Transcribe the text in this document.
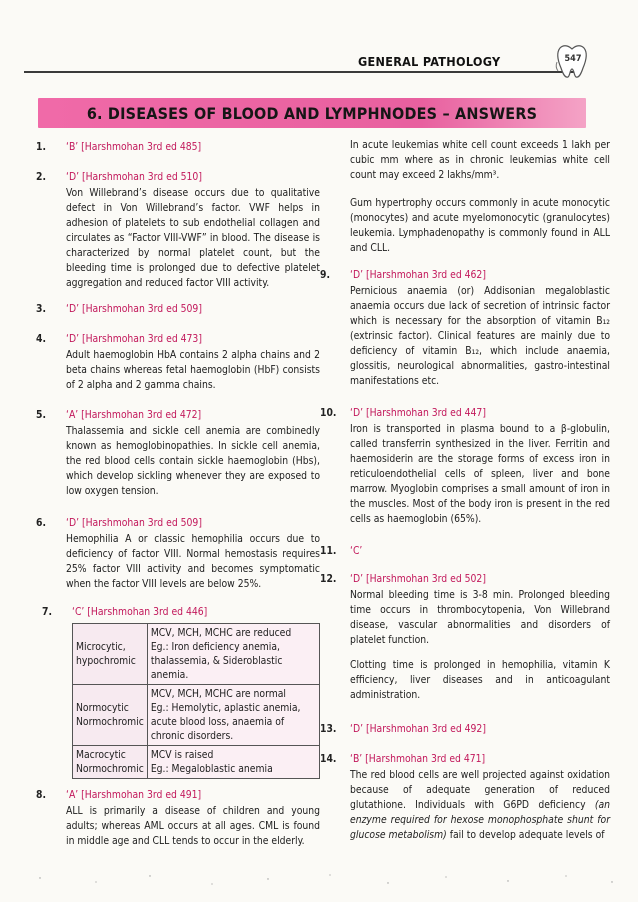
GENERAL PATHOLOGY	547
6. DISEASES OF BLOOD AND LYMPHNODES – ANSWERS
1.	‘B’ [Harshmohan 3rd ed 485]
2.	‘D’ [Harshmohan 3rd ed 510]
Von Willebrand’s disease occurs due to qualitative defect in Von Willebrand’s factor. VWF helps in adhesion of platelets to sub endothelial collagen and circulates as “Factor VIII-VWF” in blood. The disease is characterized by normal platelet count, but the bleeding time is prolonged due to defective platelet aggregation and reduced factor VIII activity.
3.	‘D’ [Harshmohan 3rd ed 509]
4.	‘D’ [Harshmohan 3rd ed 473]
Adult haemoglobin HbA contains 2 alpha chains and 2 beta chains whereas fetal haemoglobin (HbF) consists of 2 alpha and 2 gamma chains.
5.	‘A’ [Harshmohan 3rd ed 472]
Thalassemia and sickle cell anemia are combinedly known as hemoglobinopathies. In sickle cell anemia, the red blood cells contain sickle haemoglobin (Hbs), which develop sickling whenever they are exposed to low oxygen tension.
6.	‘D’ [Harshmohan 3rd ed 509]
Hemophilia A or classic hemophilia occurs due to deficiency of factor VIII. Normal hemostasis requires 25% factor VIII activity and becomes symptomatic when the factor VIII levels are below 25%.
7.	‘C’ [Harshmohan 3rd ed 446]
Microcytic, hypochromic	MCV, MCH, MCHC are reduced
Eg.: Iron deficiency anemia, thalassemia, & Sideroblastic anemia.

Normocytic Normochromic	MCV, MCH, MCHC are normal
Eg.: Hemolytic, aplastic anemia, acute blood loss, anaemia of chronic disorders.

Macrocytic Normochromic	MCV is raised
Eg.: Megaloblastic anemia
8.	‘A’ [Harshmohan 3rd ed 491]
ALL is primarily a disease of children and young adults; whereas AML occurs at all ages. CML is found in middle age and CLL tends to occur in the elderly.
In acute leukemias white cell count exceeds 1 lakh per cubic mm where as in chronic leukemias white cell count may exceed 2 lakhs/mm³.
Gum hypertrophy occurs commonly in acute monocytic (monocytes) and acute myelomonocytic (granulocytes) leukemia. Lymphadenopathy is commonly found in ALL and CLL.
9.	‘D’ [Harshmohan 3rd ed 462]
Pernicious anaemia (or) Addisonian megaloblastic anaemia occurs due lack of secretion of intrinsic factor which is necessary for the absorption of vitamin B₁₂ (extrinsic factor). Clinical features are mainly due to deficiency of vitamin B₁₂, which include anaemia, glossitis, neurological abnormalities, gastro-intestinal manifestations etc.
10.	‘D’ [Harshmohan 3rd ed 447]
Iron is transported in plasma bound to a β-globulin, called transferrin synthesized in the liver. Ferritin and haemosiderin are the storage forms of excess iron in reticuloendothelial cells of spleen, liver and bone marrow. Myoglobin comprises a small amount of iron in the muscles. Most of the body iron is present in the red cells as haemoglobin (65%).
11.	‘C’
12.	‘D’ [Harshmohan 3rd ed 502]
Normal bleeding time is 3-8 min. Prolonged bleeding time occurs in thrombocytopenia, Von Willebrand disease, vascular abnormalities and disorders of platelet function.
Clotting time is prolonged in hemophilia, vitamin K efficiency, liver diseases and in anticoagulant administration.
13.	‘D’ [Harshmohan 3rd ed 492]
14.	‘B’ [Harshmohan 3rd ed 471]
The red blood cells are well projected against oxidation because of adequate generation of reduced glutathione. Individuals with G6PD deficiency (an enzyme required for hexose monophosphate shunt for glucose metabolism) fail to develop adequate levels of
